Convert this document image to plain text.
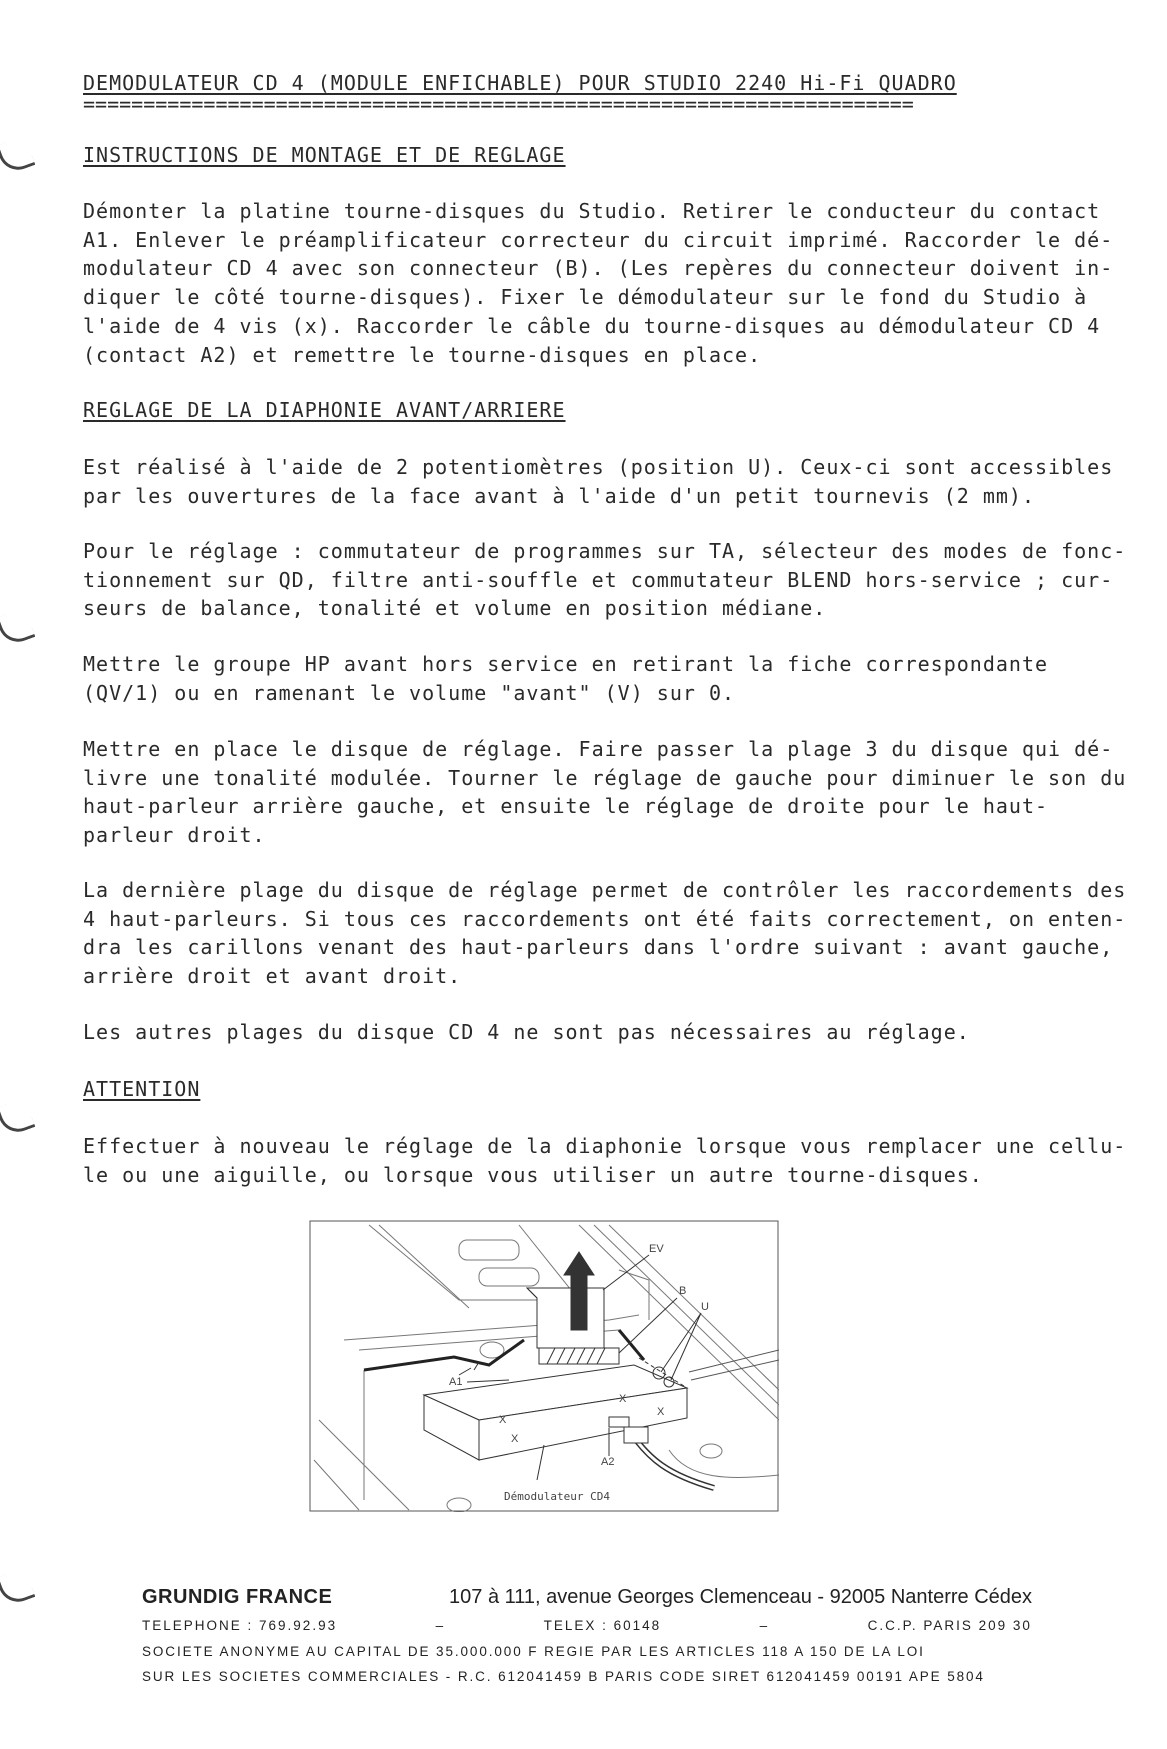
DEMODULATEUR CD 4 (MODULE ENFICHABLE) POUR STUDIO 2240 Hi-Fi QUADRO
=====================================================================
INSTRUCTIONS DE MONTAGE ET DE REGLAGE
Démonter la platine tourne-disques du Studio. Retirer le conducteur du contact
A1. Enlever le préamplificateur correcteur du circuit imprimé. Raccorder le dé-
modulateur CD 4 avec son connecteur (B). (Les repères du connecteur doivent in-
diquer le côté tourne-disques). Fixer le démodulateur sur le fond du Studio à
l'aide de 4 vis (x). Raccorder le câble du tourne-disques au démodulateur CD 4
(contact A2) et remettre le tourne-disques en place.
REGLAGE DE LA DIAPHONIE AVANT/ARRIERE
Est réalisé à l'aide de 2 potentiomètres (position U). Ceux-ci sont accessibles
par les ouvertures de la face avant à l'aide d'un petit tournevis (2 mm).
Pour le réglage : commutateur de programmes sur TA, sélecteur des modes de fonc-
tionnement sur QD, filtre anti-souffle et commutateur BLEND hors-service ; cur-
seurs de balance, tonalité et volume en position médiane.
Mettre le groupe HP avant hors service en retirant la fiche correspondante
(QV/1) ou en ramenant le volume "avant" (V) sur 0.
Mettre en place le disque de réglage. Faire passer la plage 3 du disque qui dé-
livre une tonalité modulée. Tourner le réglage de gauche pour diminuer le son du
haut-parleur arrière gauche, et ensuite le réglage de droite pour le haut-
parleur droit.
La dernière plage du disque de réglage permet de contrôler les raccordements des
4 haut-parleurs. Si tous ces raccordements ont été faits correctement, on enten-
dra les carillons venant des haut-parleurs dans l'ordre suivant : avant gauche,
arrière droit et avant droit.
Les autres plages du disque CD 4 ne sont pas nécessaires au réglage.
ATTENTION
Effectuer à nouveau le réglage de la diaphonie lorsque vous remplacer une cellu-
le ou une aiguille, ou lorsque vous utiliser un autre tourne-disques.
EV
B
U
A1
A2
X
X
X
X
Démodulateur CD4
GRUNDIG FRANCE	107 à 111, avenue Georges Clemenceau - 92005 Nanterre Cédex
TELEPHONE : 769.92.93	–	TELEX : 60148	–	C.C.P. PARIS 209 30
SOCIETE ANONYME AU CAPITAL DE 35.000.000 F REGIE PAR LES ARTICLES 118 A 150 DE LA LOI
SUR LES SOCIETES COMMERCIALES - R.C. 612041459 B PARIS CODE SIRET 612041459 00191 APE 5804
